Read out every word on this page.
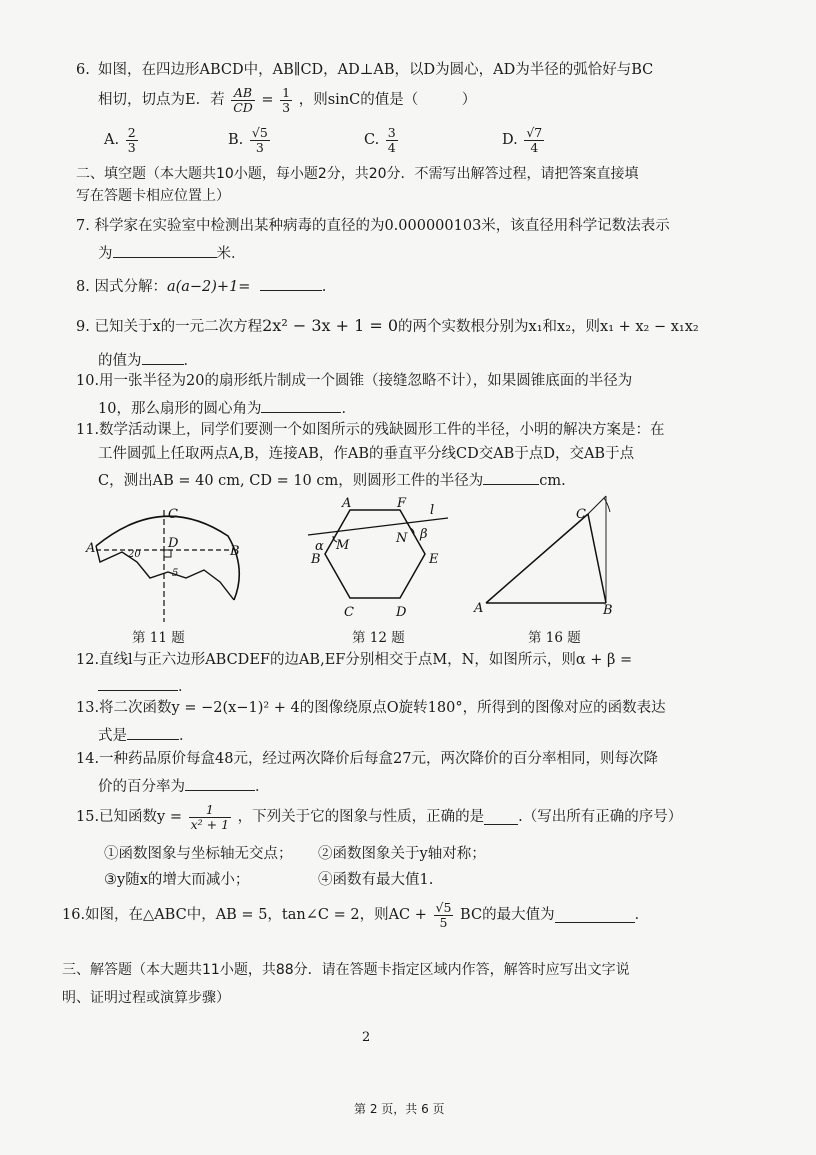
6. 如图，在四边形ABCD中，AB∥CD，AD⊥AB，以D为圆心，AD为半径的弧恰好与BC
相切，切点为E．若 $\frac{AB}{CD} = \frac{1}{3}$ ，则sinC的值是（　　　）
A. $\frac{2}{3}$	B. $\frac{√5}{3}$	C. $\frac{3}{4}$	D. $\frac{√7}{4}$
二、填空题（本大题共10小题，每小题2分，共20分．不需写出解答过程，请把答案直接填
写在答题卡相应位置上）
7. 科学家在实验室中检测出某种病毒的直径的为0.000000103米，该直径用科学记数法表示
为	米．
8. 因式分解：a(a−2)+1=	.
9. 已知关于x的一元二次方程2x² − 3x + 1 = 0的两个实数根分别为x₁和x₂，则x₁ + x₂ − x₁x₂
的值为	．
10.用一张半径为20的扇形纸片制成一个圆锥（接缝忽略不计），如果圆锥底面的半径为
10，那么扇形的圆心角为	．
11.数学活动课上，同学们要测一个如图所示的残缺圆形工件的半径，小明的解决方案是：在
工件圆弧上任取两点A,B，连接AB，作AB的垂直平分线CD交AB于点D，交AB于点
C，测出AB = 40 cm, CD = 10 cm，则圆形工件的半径为	cm.
A	B
C
D
20
5
第 11 题
A	F l
α M	N β
B	E
C	D
第 12 题
C
A	B
第 16 题
12.直线l与正六边形ABCDEF的边AB,EF分别相交于点M，N，如图所示，则α + β =
．
13.将二次函数y = −2(x−1)² + 4的图像绕原点O旋转180°，所得到的图像对应的函数表达
式是	．
14.一种药品原价每盒48元，经过两次降价后每盒27元，两次降价的百分率相同，则每次降
价的百分率为	．
15.已知函数$y = \frac{1}{\text{x² + 1}}$ ，下列关于它的图象与性质，正确的是 .（写出所有正确的序号）
①函数图象与坐标轴无交点； ②函数图象关于y轴对称；
③y随x的增大而减小；	④函数有最大值1.
16.如图，在△ABC中，AB = 5，tan∠C = 2，则AC + $\frac{√5}{5}$ BC的最大值为	．
三、解答题（本大题共11小题，共88分．请在答题卡指定区域内作答，解答时应写出文字说
明、证明过程或演算步骤）
2
第 2 页，共 6 页
